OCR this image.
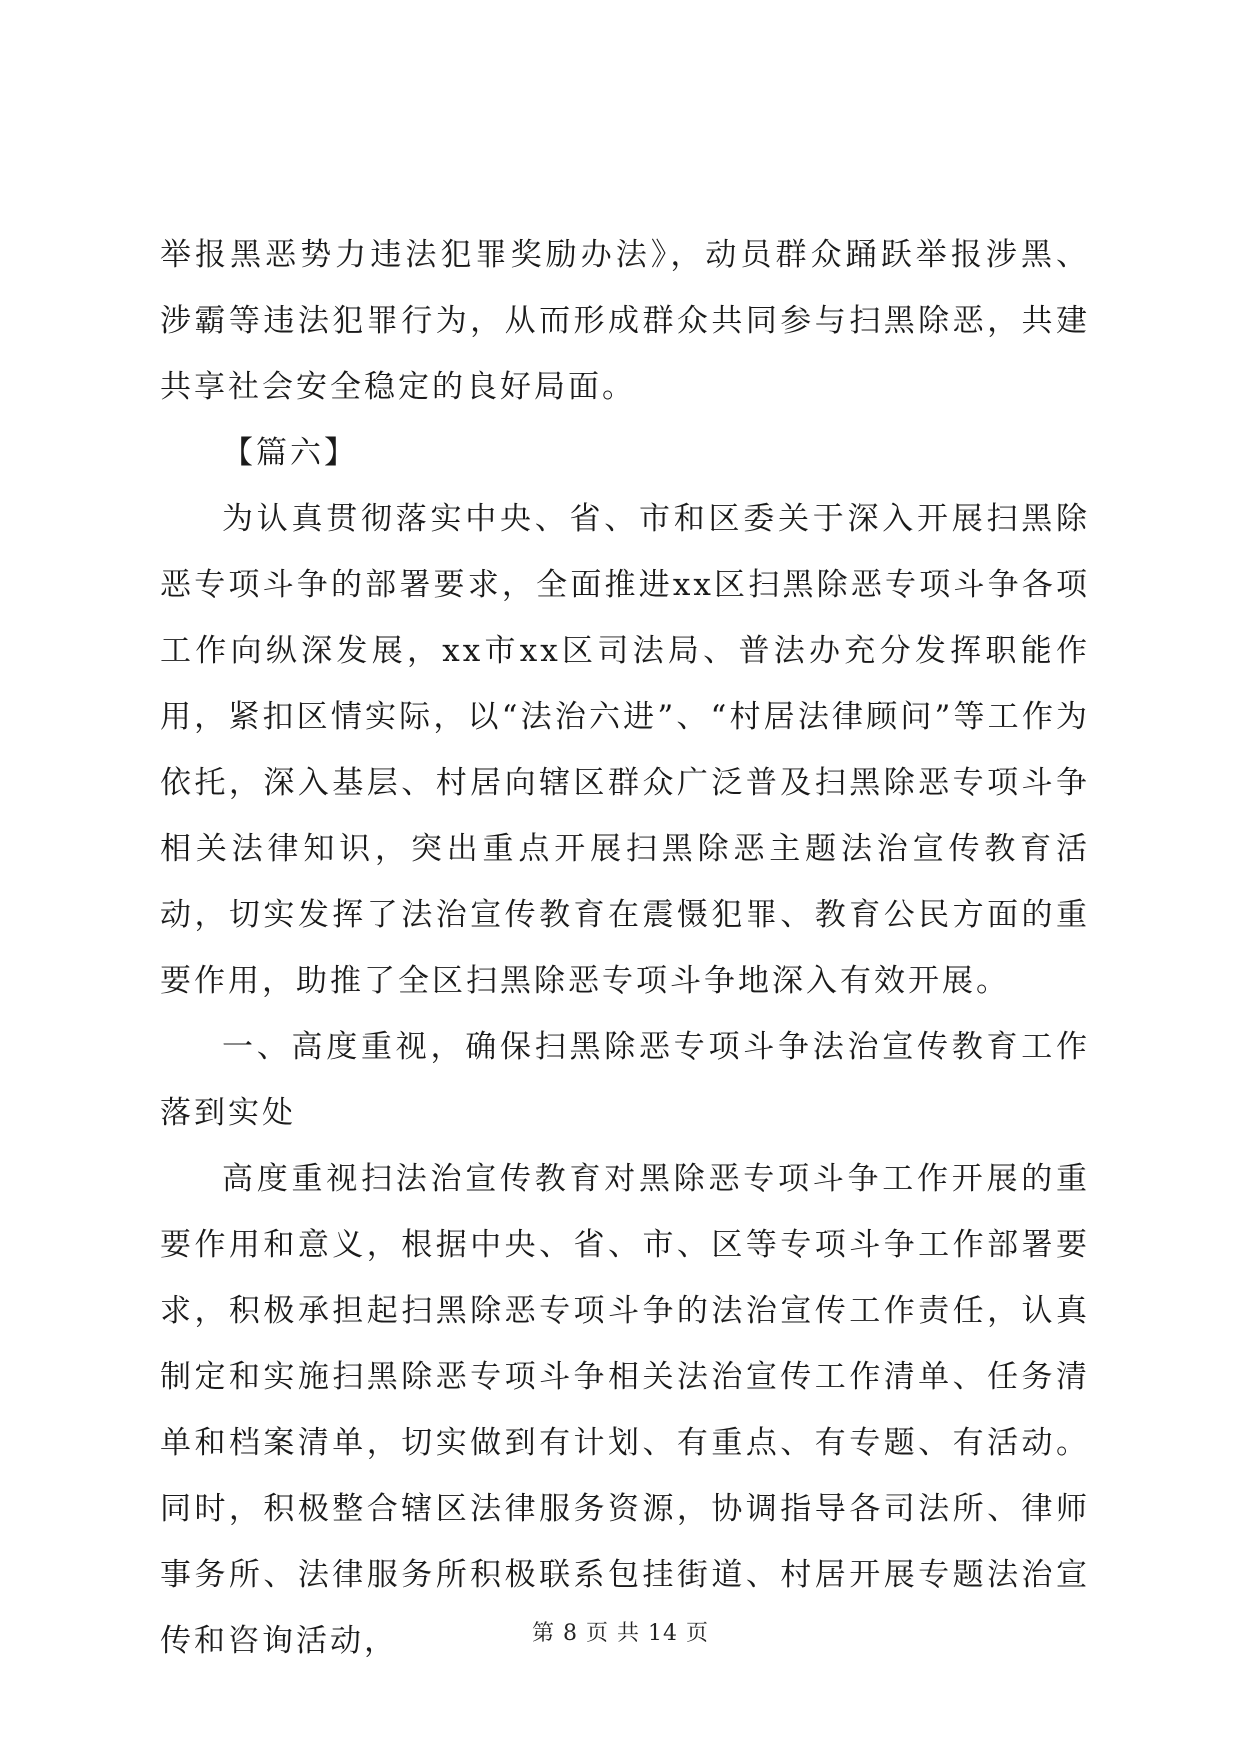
举报黑恶势力违法犯罪奖励办法》，动员群众踊跃举报涉黑、涉霸等违法犯罪行为，从而形成群众共同参与扫黑除恶，共建共享社会安全稳定的良好局面。

【篇六】

为认真贯彻落实中央、省、市和区委关于深入开展扫黑除恶专项斗争的部署要求，全面推进xx区扫黑除恶专项斗争各项工作向纵深发展，xx市xx区司法局、普法办充分发挥职能作用，紧扣区情实际，以“法治六进”、“村居法律顾问”等工作为依托，深入基层、村居向辖区群众广泛普及扫黑除恶专项斗争相关法律知识，突出重点开展扫黑除恶主题法治宣传教育活动，切实发挥了法治宣传教育在震慑犯罪、教育公民方面的重要作用，助推了全区扫黑除恶专项斗争地深入有效开展。

一、高度重视，确保扫黑除恶专项斗争法治宣传教育工作落到实处

高度重视扫法治宣传教育对黑除恶专项斗争工作开展的重要作用和意义，根据中央、省、市、区等专项斗争工作部署要求，积极承担起扫黑除恶专项斗争的法治宣传工作责任，认真制定和实施扫黑除恶专项斗争相关法治宣传工作清单、任务清单和档案清单，切实做到有计划、有重点、有专题、有活动。同时，积极整合辖区法律服务资源，协调指导各司法所、律师事务所、法律服务所积极联系包挂街道、村居开展专题法治宣传和咨询活动，	第 8 页 共 14 页
